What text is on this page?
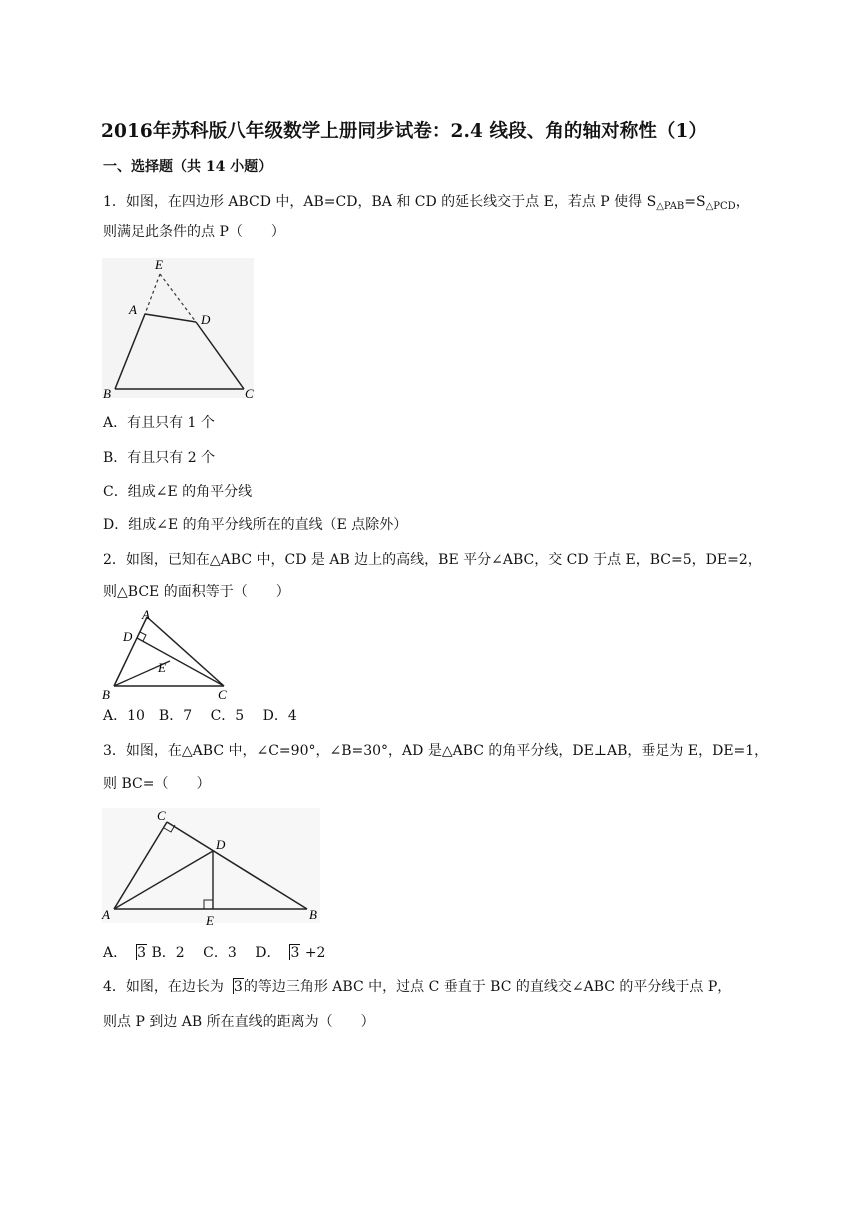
2016年苏科版八年级数学上册同步试卷：2.4 线段、角的轴对称性（1）
一、选择题（共 14 小题）
1．如图，在四边形 ABCD 中，AB=CD，BA 和 CD 的延长线交于点 E，若点 P 使得 $S_{\triangle PAB}=S_{\triangle PCD}$，
则满足此条件的点 P（　　）
E
A
D
B	C
A．有且只有 1 个
B．有且只有 2 个
C．组成∠E 的角平分线
D．组成∠E 的角平分线所在的直线（E 点除外）
2．如图，已知在△ABC 中，CD 是 AB 边上的高线，BE 平分∠ABC，交 CD 于点 E，BC=5，DE=2，
则△BCE 的面积等于（　　）
A
D
E
B	C
A．10　B．7　 C．5　 D．4
3．如图，在△ABC 中，∠C=90°，∠B=30°，AD 是△ABC 的角平分线，DE⊥AB，垂足为 E，DE=1，
则 BC=（　　）
C
D
A	E	B
A． 3 B．2　 C．3　 D． 3 +2
4．如图，在边长为 3的等边三角形 ABC 中，过点 C 垂直于 BC 的直线交∠ABC 的平分线于点 P，
则点 P 到边 AB 所在直线的距离为（　　）
